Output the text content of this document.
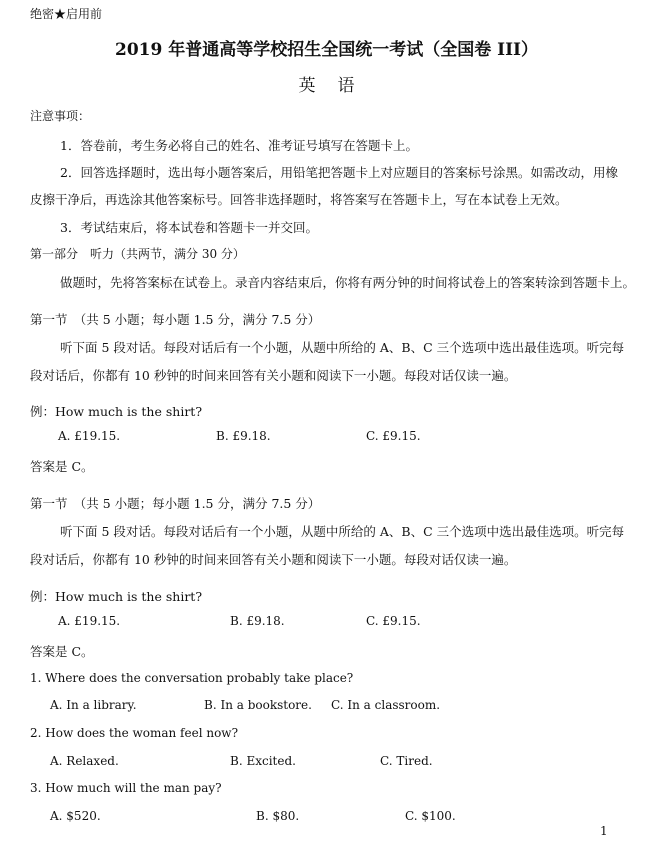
绝密★启用前
2019 年普通高等学校招生全国统一考试（全国卷 III）
英语
注意事项：
1．答卷前，考生务必将自己的姓名、准考证号填写在答题卡上。
2．回答选择题时，选出每小题答案后，用铅笔把答题卡上对应题目的答案标号涂黑。如需改动，用橡
皮擦干净后，再选涂其他答案标号。回答非选择题时，将答案写在答题卡上，写在本试卷上无效。
3．考试结束后，将本试卷和答题卡一并交回。
第一部分　听力（共两节，满分 30 分）
做题时，先将答案标在试卷上。录音内容结束后，你将有两分钟的时间将试卷上的答案转涂到答题卡上。
第一节　（共 5 小题；每小题 1.5 分，满分 7.5 分）
听下面 5 段对话。每段对话后有一个小题，从题中所给的 A、B、C 三个选项中选出最佳选项。听完每
段对话后，你都有 10 秒钟的时间来回答有关小题和阅读下一小题。每段对话仅读一遍。
例：How much is the shirt?
A. £19.15.	B. £9.18.	C. £9.15.
答案是 C。
第一节　（共 5 小题；每小题 1.5 分，满分 7.5 分）
听下面 5 段对话。每段对话后有一个小题，从题中所给的 A、B、C 三个选项中选出最佳选项。听完每
段对话后，你都有 10 秒钟的时间来回答有关小题和阅读下一小题。每段对话仅读一遍。
例：How much is the shirt?
A. £19.15.	B. £9.18.	C. £9.15.
答案是 C。
1. Where does the conversation probably take place?
A. In a library.	B. In a bookstore. C. In a classroom.
2. How does the woman feel now?
A. Relaxed.	B. Excited.	C. Tired.
3. How much will the man pay?
A. $520.	B. $80.	C. $100.
1
